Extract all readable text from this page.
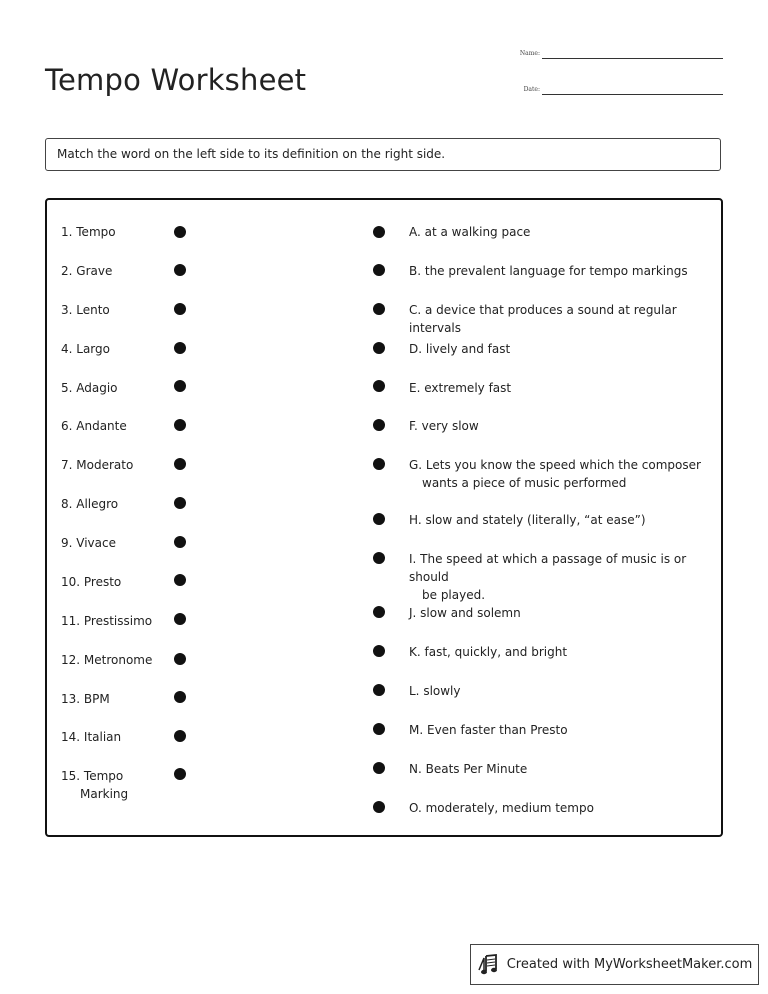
Tempo Worksheet
Name:
Date:
Match the word on the left side to its definition on the right side.
1. Tempo
2. Grave
3. Lento
4. Largo
5. Adagio
6. Andante
7. Moderato
8. Allegro
9. Vivace
10. Presto
11. Prestissimo
12. Metronome
13. BPM
14. Italian
15. Tempo
Marking
A. at a walking pace
B. the prevalent language for tempo markings
C. a device that produces a sound at regular intervals
D. lively and fast
E. extremely fast
F. very slow
G. Lets you know the speed which the composer
wants a piece of music performed
H. slow and stately (literally, “at ease”)
I. The speed at which a passage of music is or should
be played.
J. slow and solemn
K. fast, quickly, and bright
L. slowly
M. Even faster than Presto
N. Beats Per Minute
O. moderately, medium tempo
Created with MyWorksheetMaker.com
